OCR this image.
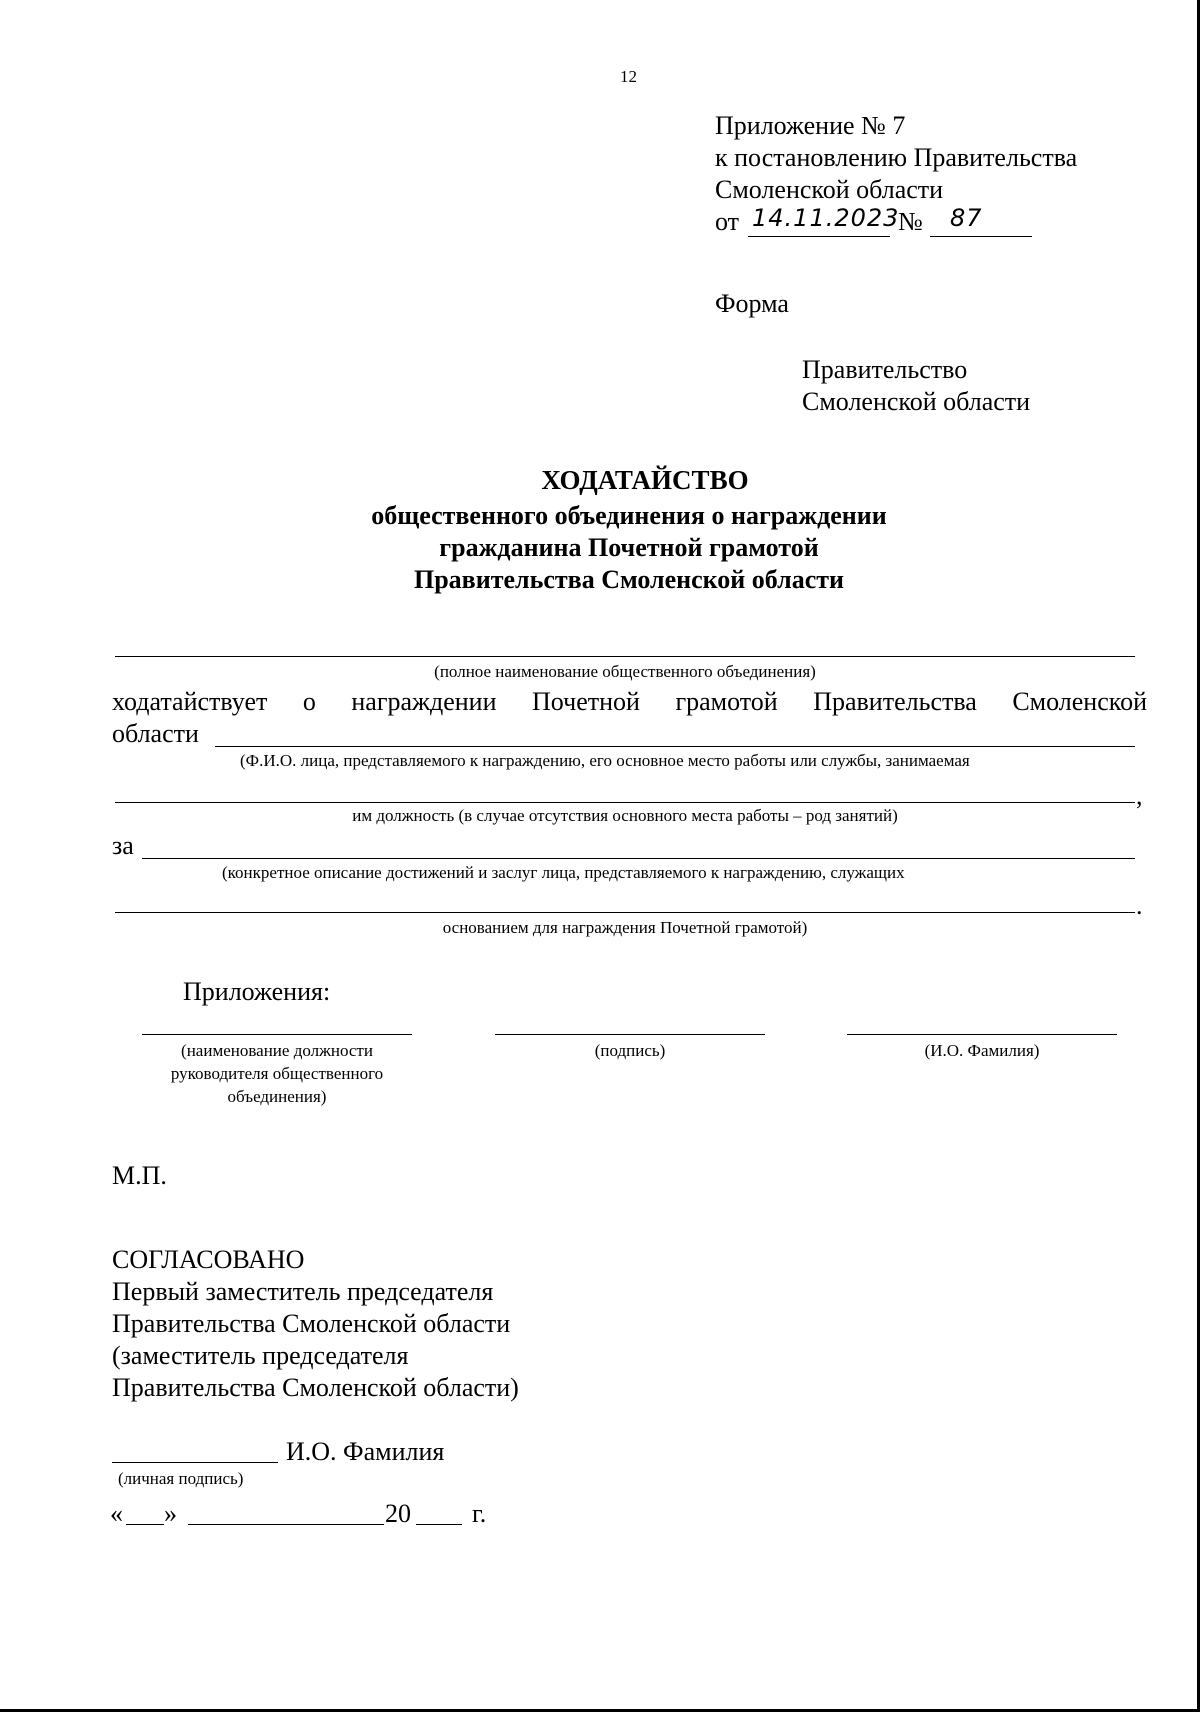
12
Приложение № 7
к постановлению Правительства
Смоленской области
от 14.11.2023
№ 87
Форма
Правительство
Смоленской области
ХОДАТАЙСТВО
общественного объединения о награждении
гражданина Почетной грамотой
Правительства Смоленской области
(полное наименование общественного объединения)
ходатайствует о награждении Почетной грамотой Правительства Смоленской
области
(Ф.И.О. лица, представляемого к награждению, его основное место работы или службы, занимаемая
,
им должность (в случае отсутствия основного места работы – род занятий)
за
(конкретное описание достижений и заслуг лица, представляемого к награждению, служащих
.
основанием для награждения Почетной грамотой)
Приложения:
(наименование должности
руководителя общественного
объединения)
(подпись)	(И.О. Фамилия)
М.П.
СОГЛАСОВАНО
Первый заместитель председателя
Правительства Смоленской области
(заместитель председателя
Правительства Смоленской области)
И.О. Фамилия
(личная подпись)
« »	20 г.
